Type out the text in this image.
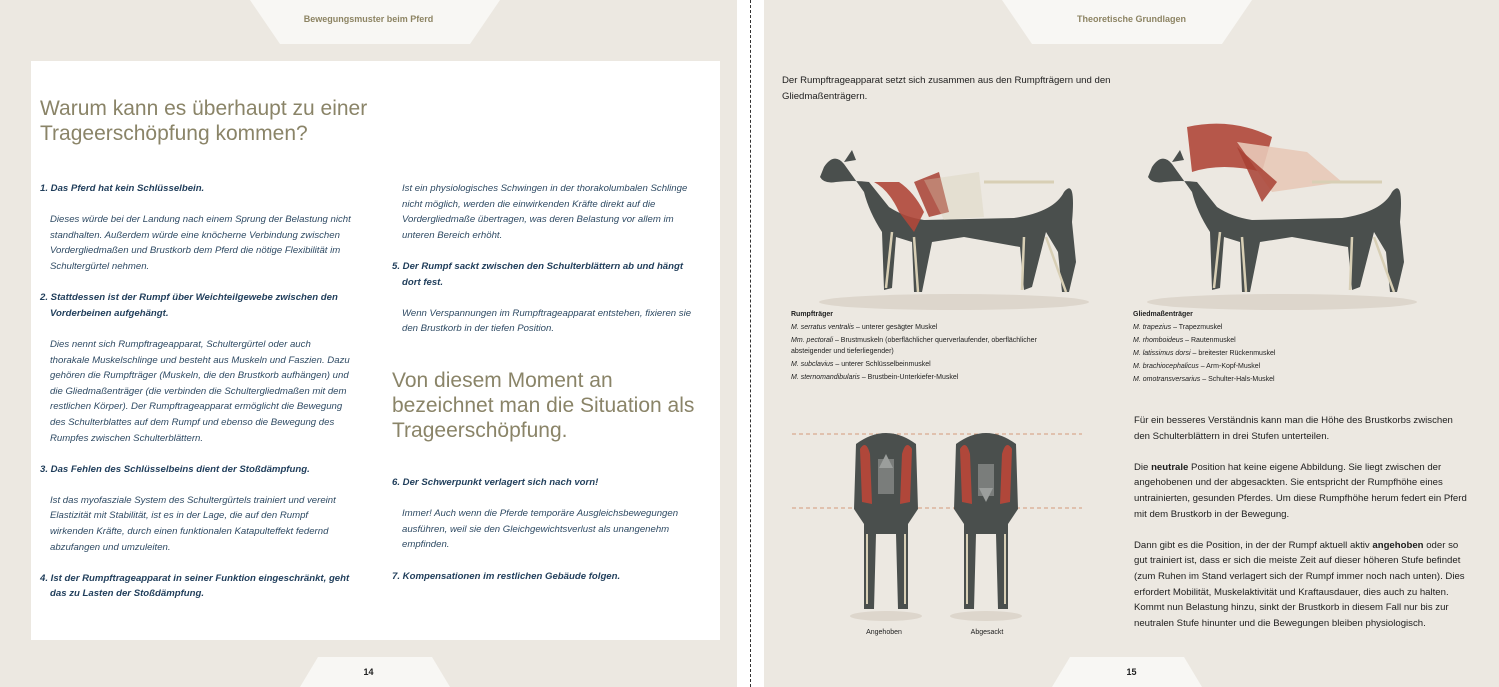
Bewegungsmuster beim Pferd
Warum kann es überhaupt zu einer Trageerschöpfung kommen?

1. Das Pferd hat kein Schlüsselbein.

Dieses würde bei der Landung nach einem Sprung der Belastung nicht standhalten. Außerdem würde eine knöcherne Verbindung zwischen Vordergliedmaßen und Brustkorb dem Pferd die nötige Flexibilität im Schultergürtel nehmen.

2. Stattdessen ist der Rumpf über Weichteilgewebe zwischen den Vorderbeinen aufgehängt.

Dies nennt sich Rumpftrageapparat, Schultergürtel oder auch thorakale Muskelschlinge und besteht aus Muskeln und Faszien. Dazu gehören die Rumpfträger (Muskeln, die den Brustkorb aufhängen) und die Gliedmaßenträger (die verbinden die Schultergliedmaßen mit dem restlichen Körper). Der Rumpftrageapparat ermöglicht die Bewegung des Schulterblattes auf dem Rumpf und ebenso die Bewegung des Rumpfes zwischen Schulterblättern.

3. Das Fehlen des Schlüsselbeins dient der Stoßdämpfung.

Ist das myofasziale System des Schultergürtels trainiert und vereint Elastizität mit Stabilität, ist es in der Lage, die auf den Rumpf wirkenden Kräfte, durch einen funktionalen Katapulteffekt federnd abzufangen und umzuleiten.

4. Ist der Rumpftrageapparat in seiner Funktion eingeschränkt, geht das zu Lasten der Stoßdämpfung.

Ist ein physiologisches Schwingen in der thorakolumbalen Schlinge nicht möglich, werden die einwirkenden Kräfte direkt auf die Vordergliedmaße übertragen, was deren Belastung vor allem im unteren Bereich erhöht.

5. Der Rumpf sackt zwischen den Schulterblättern ab und hängt dort fest.

Wenn Verspannungen im Rumpftrageapparat entstehen, fixieren sie den Brustkorb in der tiefen Position.

Von diesem Moment an bezeichnet man die Situation als Trageerschöpfung.

6. Der Schwerpunkt verlagert sich nach vorn!

Immer! Auch wenn die Pferde temporäre Ausgleichsbewegungen ausführen, weil sie den Gleichgewichtsverlust als unangenehm empfinden.

7. Kompensationen im restlichen Gebäude folgen.

14
Theoretische Grundlagen
Der Rumpftrageapparat setzt sich zusammen aus den Rumpfträgern und den Gliedmaßenträgern.
Rumpfträger
M. serratus ventralis – unterer gesägter Muskel
Mm. pectorali – Brustmuskeln (oberflächlicher querverlaufender, oberflächlicher absteigender und tieferliegender)
M. subclavius – unterer Schlüsselbeinmuskel
M. sternomandibularis – Brustbein-Unterkiefer-Muskel
Gliedmaßenträger
M. trapezius – Trapezmuskel
M. rhomboideus – Rautenmuskel
M. latissimus dorsi – breitester Rückenmuskel
M. brachiocephalicus – Arm-Kopf-Muskel
M. omotransversarius – Schulter-Hals-Muskel
Angehoben	Abgesackt

Für ein besseres Verständnis kann man die Höhe des Brustkorbs zwischen den Schulterblättern in drei Stufen unterteilen.

Die neutrale Position hat keine eigene Abbildung. Sie liegt zwischen der angehobenen und der abgesackten. Sie entspricht der Rumpfhöhe eines untrainierten, gesunden Pferdes. Um diese Rumpfhöhe herum federt ein Pferd mit dem Brustkorb in der Bewegung.

Dann gibt es die Position, in der der Rumpf aktuell aktiv angehoben oder so gut trainiert ist, dass er sich die meiste Zeit auf dieser höheren Stufe befindet (zum Ruhen im Stand verlagert sich der Rumpf immer noch nach unten). Dies erfordert Mobilität, Muskelaktivität und Kraftausdauer, dies auch zu halten. Kommt nun Belastung hinzu, sinkt der Brustkorb in diesem Fall nur bis zur neutralen Stufe hinunter und die Bewegungen bleiben physiologisch.

15
